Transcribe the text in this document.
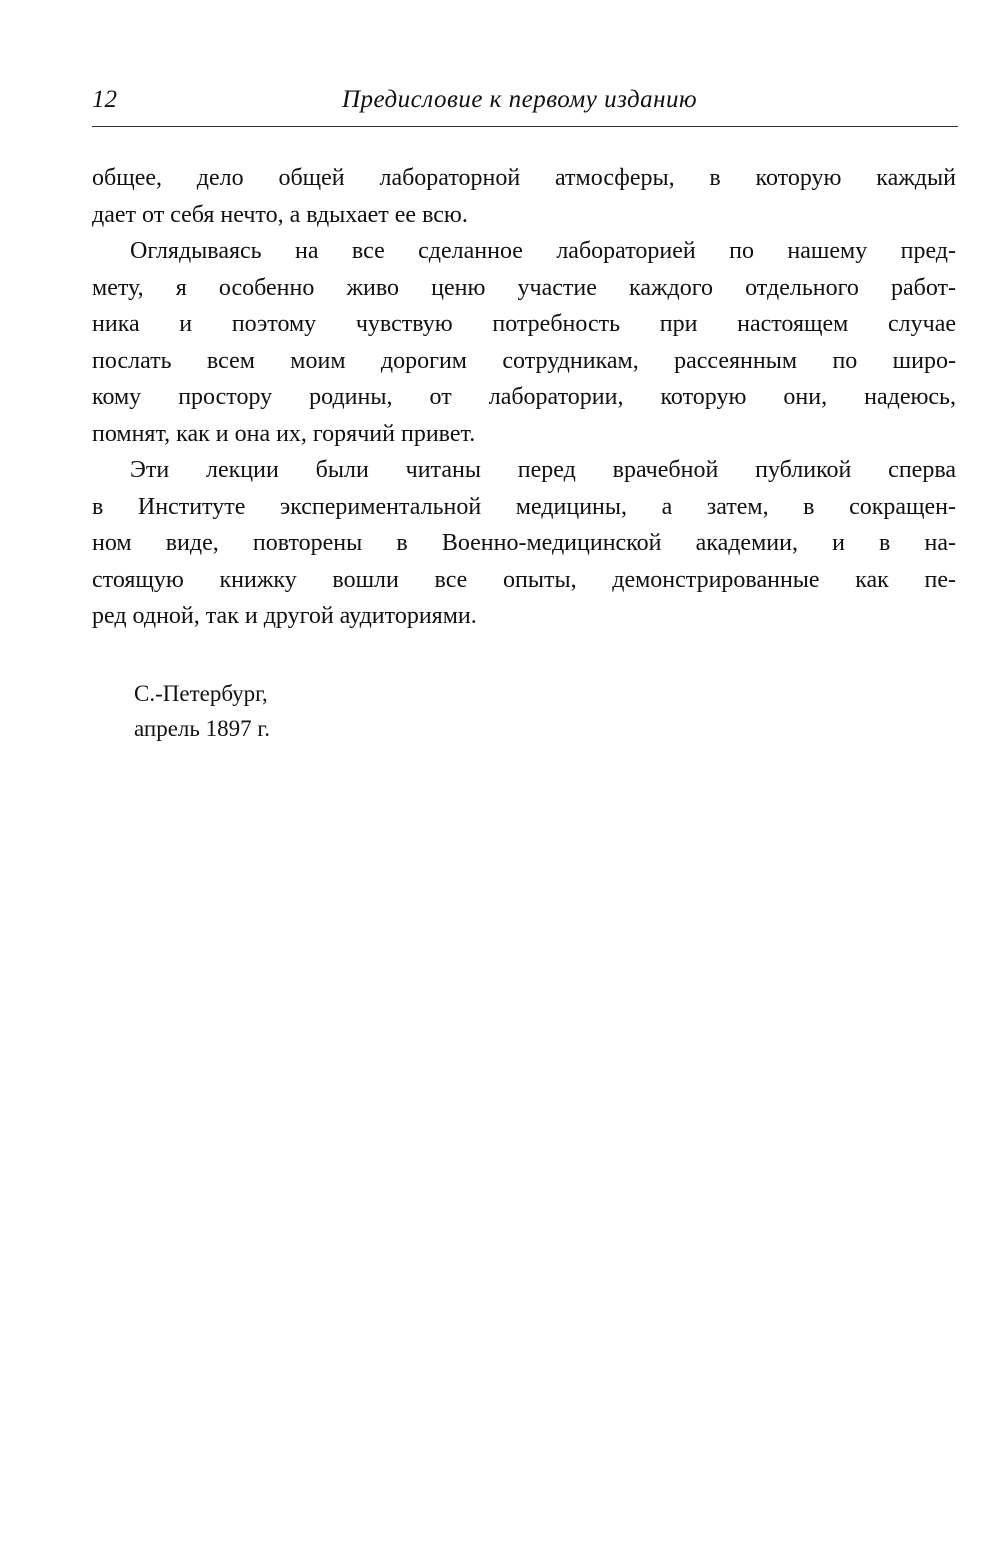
12	Предисловие к первому изданию
общее, дело общей лабораторной атмосферы, в которую каждый
дает от себя нечто, а вдыхает ее всю.
Оглядываясь на все сделанное лабораторией по нашему пред-
мету, я особенно живо ценю участие каждого отдельного работ-
ника и поэтому чувствую потребность при настоящем случае
послать всем моим дорогим сотрудникам, рассеянным по широ-
кому простору родины, от лаборатории, которую они, надеюсь,
помнят, как и она их, горячий привет.
Эти лекции были читаны перед врачебной публикой сперва
в Институте экспериментальной медицины, а затем, в сокращен-
ном виде, повторены в Военно-медицинской академии, и в на-
стоящую книжку вошли все опыты, демонстрированные как пе-
ред одной, так и другой аудиториями.
С.-Петербург,
апрель 1897 г.
